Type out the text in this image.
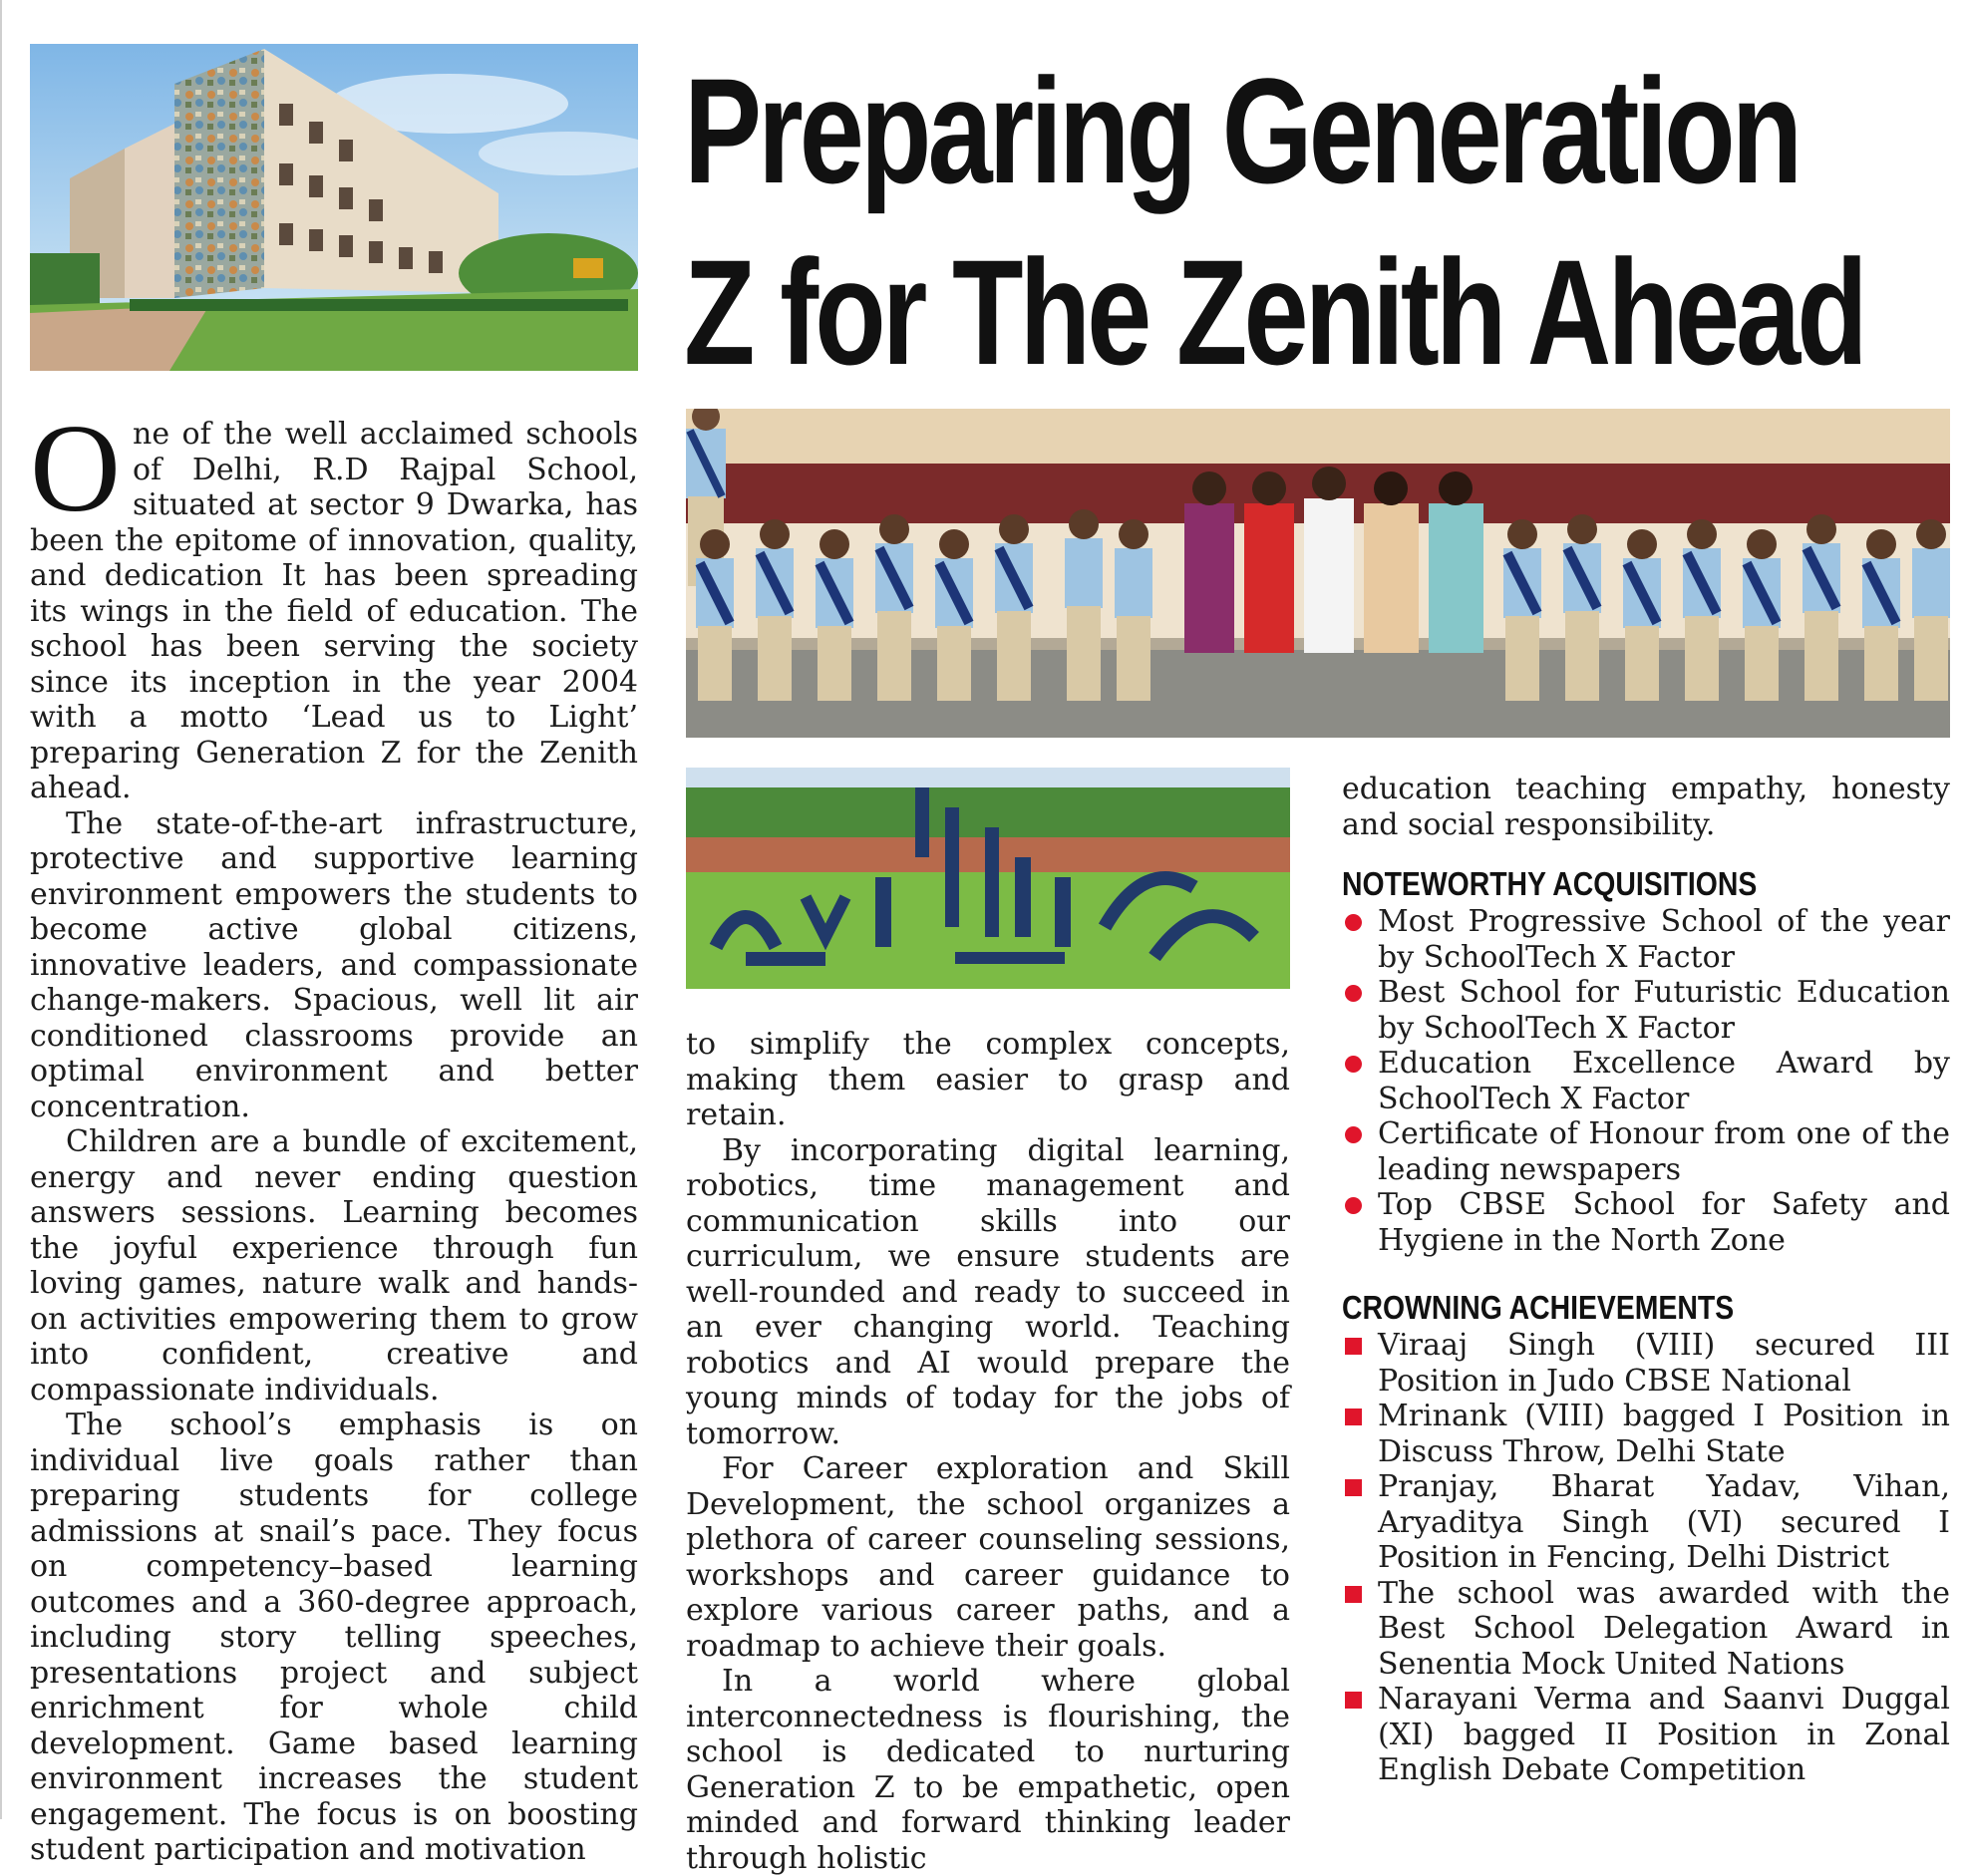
Preparing Generation
Z for The Zenith Ahead

One of the well acclaimed schools of Delhi, R.D Rajpal School, situated at sector 9 Dwarka, has been the epitome of innovation, quality, and dedication It has been spreading its wings in the field of education. The school has been serving the society since its inception in the year 2004 with a motto ‘Lead us to Light’ preparing Generation Z for the Zenith ahead.

The state-of-the-art infrastructure, protective and supportive learning environment empowers the students to become active global citizens, innovative leaders, and compassionate change-makers. Spacious, well lit air conditioned classrooms provide an optimal environment and better concentration.

Children are a bundle of excitement, energy and never ending question answers sessions. Learning becomes the joyful experience through fun loving games, nature walk and hands-on activities empowering them to grow into confident, creative and compassionate individuals.

The school’s emphasis is on individual live goals rather than preparing students for college admissions at snail’s pace. They focus on competency–based learning outcomes and a 360-degree approach, including story telling speeches, presentations project and subject enrichment for whole child development. Game based learning environment increases the student engagement. The focus is on boosting student participation and motivation

to simplify the complex concepts, making them easier to grasp and retain.

By incorporating digital learning, robotics, time management and communication skills into our curriculum, we ensure students are well-rounded and ready to succeed in an ever changing world. Teaching robotics and AI would prepare the young minds of today for the jobs of tomorrow.

For Career exploration and Skill Development, the school organizes a plethora of career counseling sessions, workshops and career guidance to explore various career paths, and a roadmap to achieve their goals.

In a world where global interconnectedness is flourishing, the school is dedicated to nurturing Generation Z to be empathetic, open minded and forward thinking leader through holistic

education teaching empathy, honesty and social responsibility.

NOTEWORTHY ACQUISITIONS
Most Progressive School of the year by SchoolTech X Factor
Best School for Futuristic Education by SchoolTech X Factor
Education Excellence Award by SchoolTech X Factor
Certificate of Honour from one of the leading newspapers
Top CBSE School for Safety and Hygiene in the North Zone
CROWNING ACHIEVEMENTS
Viraaj Singh (VIII) secured III Position in Judo CBSE National
Mrinank (VIII) bagged I Position in Discuss Throw, Delhi State
Pranjay, Bharat Yadav, Vihan, Aryaditya Singh (VI) secured I Position in Fencing, Delhi District
The school was awarded with the Best School Delegation Award in Senentia Mock United Nations
Narayani Verma and Saanvi Duggal (XI) bagged II Position in Zonal English Debate Competition
